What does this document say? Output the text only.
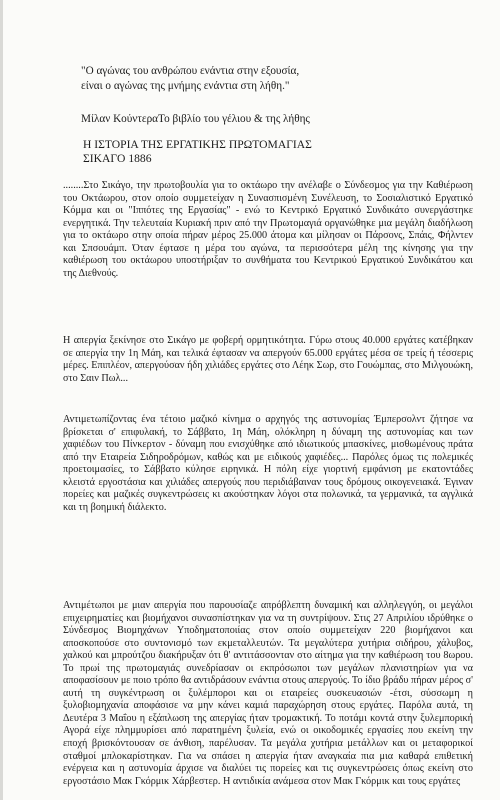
"Ο αγώνας του ανθρώπου ενάντια στην εξουσία,

είναι ο αγώνας της μνήμης ενάντια στη λήθη."

Μίλαν ΚούντεραΤο βιβλίο του γέλιου & της λήθης
Η ΙΣΤΟΡΙΑ ΤΗΣ ΕΡΓΑΤΙΚΗΣ ΠΡΩΤΟΜΑΓΙΑΣ
ΣΙΚΑΓΟ 1886
........Στο Σικάγο, την πρωτοβουλία για το οκτάωρο την ανέλαβε ο Σύνδεσμος για την Καθιέρωση του Οκτάωρου, στον οποίο συμμετείχαν η Συνασπισμένη Συνέλευση, το Σοσιαλιστικό Εργατικό Κόμμα και οι "Ιππότες της Εργασίας" - ενώ το Κεντρικό Εργατικό Συνδικάτο συνεργάστηκε ενεργητικά. Την τελευταία Κυριακή πριν από την Πρωτομαγιά οργανώθηκε μια μεγάλη διαδήλωση για το οκτάωρο στην οποία πήραν μέρος 25.000 άτομα και μίλησαν οι Πάρσονς, Σπάις, Φήλντεν και Σπσουάμπ. Όταν έφτασε η μέρα του αγώνα, τα περισσότερα μέλη της κίνησης για την καθιέρωση του οκτάωρου υποστήριξαν το συνθήματα του Κεντρικού Εργατικού Συνδικάτου και της Διεθνούς.
Η απεργία ξεκίνησε στο Σικάγο με φοβερή ορμητικότητα. Γύρω στους 40.000 εργάτες κατέβηκαν σε απεργία την 1η Μάη, και τελικά έφτασαν να απεργούν 65.000 εργάτες μέσα σε τρείς ή τέσσερις μέρες. Επιπλέον, απεργούσαν ήδη χιλιάδες εργάτες στο Λέηκ Σωρ, στο Γουώμπας, στο Μιλγουώκη, στο Σαιν Πωλ...
Αντιμετωπίζοντας ένα τέτοιο μαζικό κίνημα ο αρχηγός της αστυνομίας Έμπερσολντ ζήτησε να βρίσκεται σ' επιφυλακή, το Σάββατο, 1η Μάη, ολόκληρη η δύναμη της αστυνομίας και των χαφιέδων του Πίνκερτον - δύναμη που ενισχύθηκε από ιδιωτικούς μπασκίνες, μισθωμένους πράτα από την Εταιρεία Σιδηροδρόμων, καθώς και με ειδικούς χαφιέδες... Παρόλες όμως τις πολεμικές προετοιμασίες, το Σάββατο κύλησε ειρηνικά. Η πόλη είχε γιορτινή εμφάνιση με εκατοντάδες κλειστά εργοστάσια και χιλιάδες απεργούς που περιδιάβαιναν τους δρόμους οικογενειακά. Έγιναν πορείες και μαζικές συγκεντρώσεις κι ακούστηκαν λόγοι στα πολωνικά, τα γερμανικά, τα αγγλικά και τη βοημική διάλεκτο.
Αντιμέτωποι με μιαν απεργία που παρουσίαζε απρόβλεπτη δυναμική και αλληλεγγύη, οι μεγάλοι επιχειρηματίες και βιομήχανοι συνασπίστηκαν για να τη συντρίψουν. Στις 27 Απριλίου ιδρύθηκε ο Σύνδεσμος Βιομηχάνων Υποδηματοποιίας στον οποίο συμμετείχαν 220 βιομήχανοι και αποσκοπούσε στο συντονισμό των εκμεταλλευτών. Τα μεγαλύτερα χυτήρια σιδήρου, χάλυβος, χαλκού και μπρούτζου διακήρυξαν ότι θ' αντιτάσσονταν στο αίτημα για την καθιέρωση του 8ωρου. Το πρωί της πρωτομαγιάς συνεδρίασαν οι εκπρόσωποι των μεγάλων πλανιστηρίων για να αποφασίσουν με ποιο τρόπο θα αντιδράσουν ενάντια στους απεργούς. Το ίδιο βράδυ πήραν μέρος σ' αυτή τη συγκέντρωση οι ξυλέμποροι και οι εταιρείες συσκευασιών -έτσι, σύσσωμη η ξυλοβιομηχανία αποφάσισε να μην κάνει καμιά παραχώρηση στους εργάτες. Παρόλα αυτά, τη Δευτέρα 3 Μαΐου η εξάπλωση της απεργίας ήταν τρομακτική. Το ποτάμι κοντά στην ξυλεμπορική Αγορά είχε πλημμυρίσει από παρατημένη ξυλεία, ενώ οι οικοδομικές εργασίες που εκείνη την εποχή βρισκόντουσαν σε άνθιση, παρέλυσαν. Τα μεγάλα χυτήρια μετάλλων και οι μεταφορικοί σταθμοί μπλοκαρίστηκαν. Για να σπάσει η απεργία ήταν αναγκαία πια μια καθαρά επιθετική ενέργεια και η αστυνομία άρχισε να διαλύει τις πορείες και τις συγκεντρώσεις όπως εκείνη στο εργοστάσιο Μακ Γκόρμικ Χάρβεστερ. Η αντιδικία ανάμεσα στον Μακ Γκόρμικ και τους εργάτες
